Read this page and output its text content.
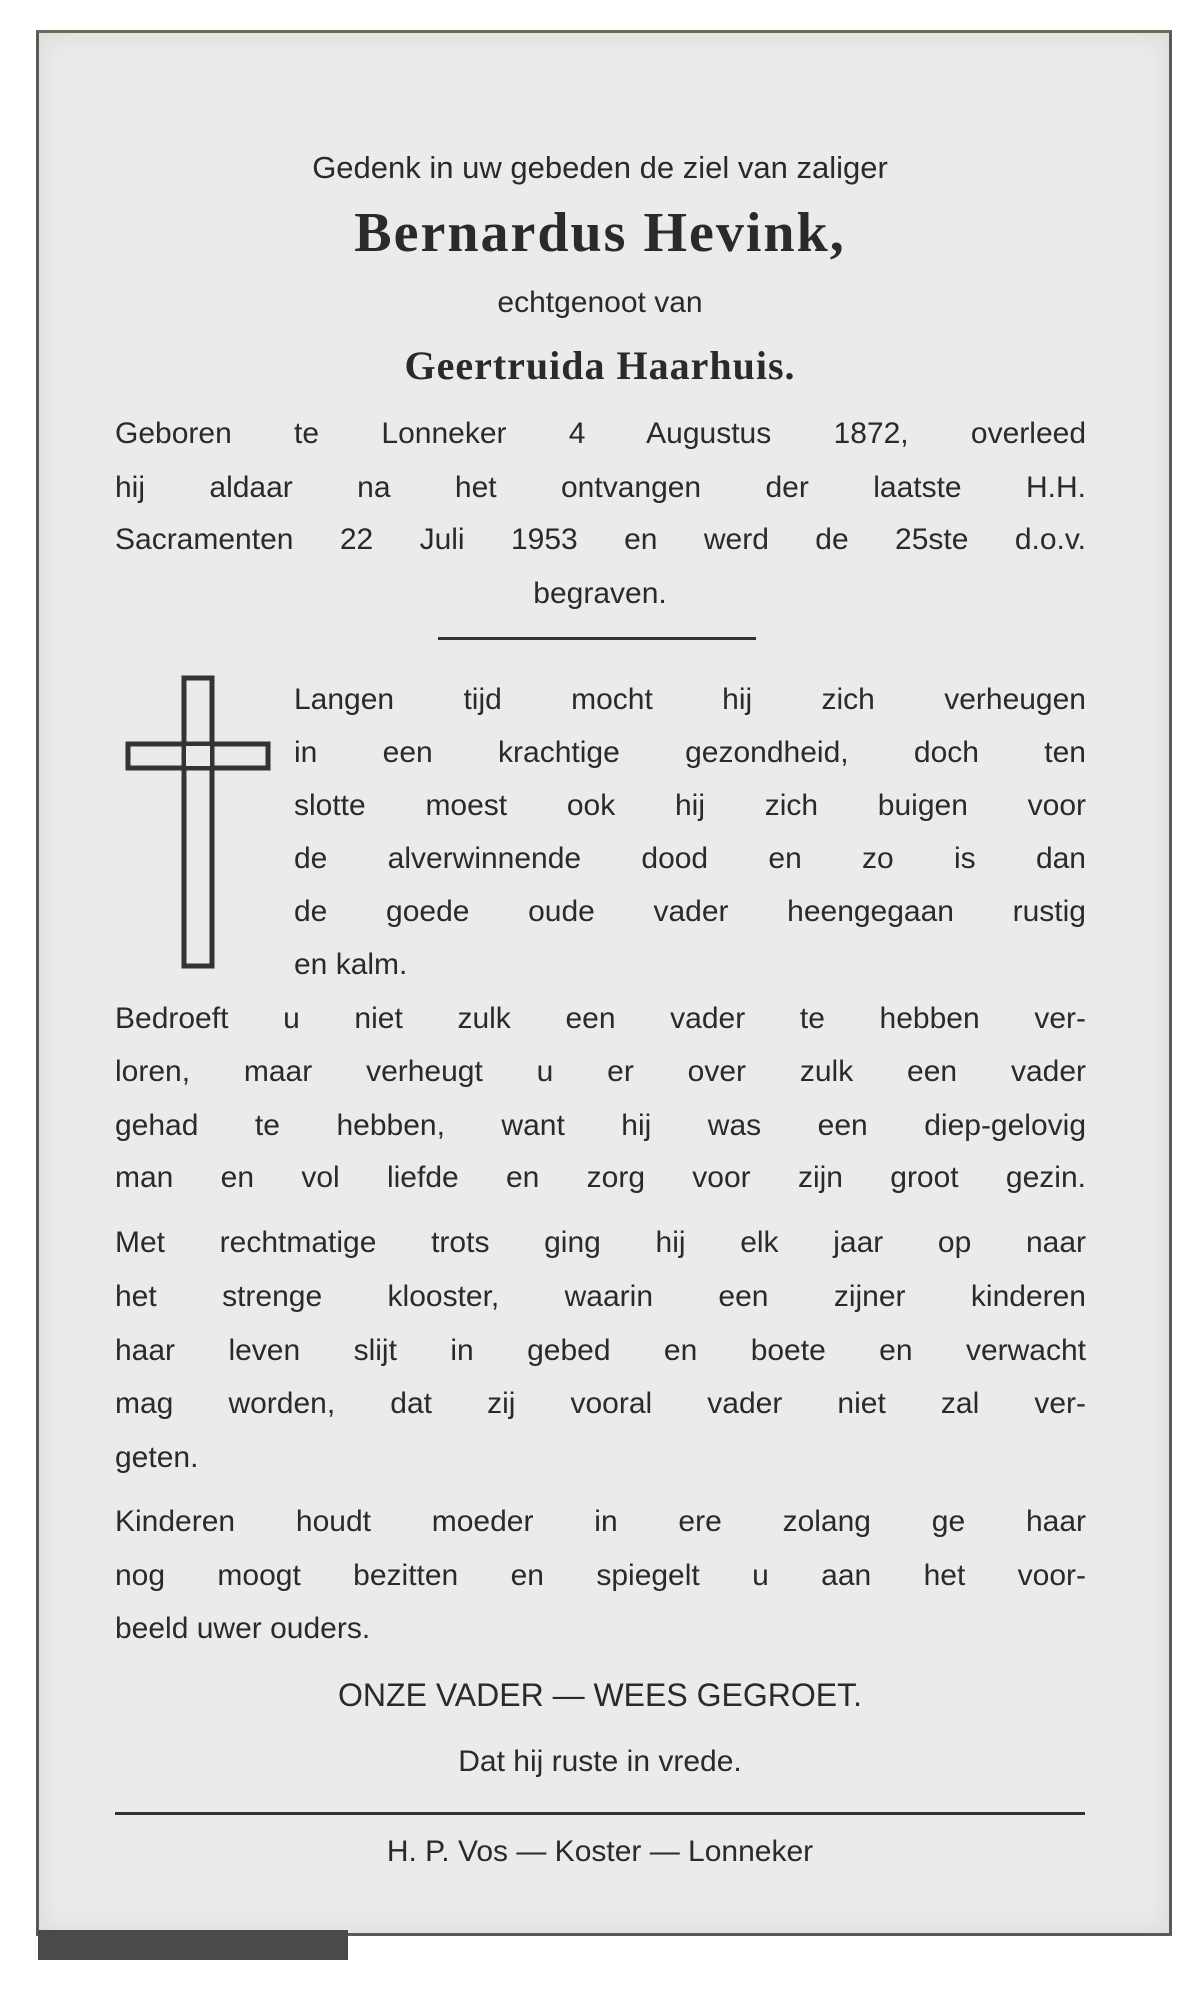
Gedenk in uw gebeden de ziel van zaliger
Bernardus Hevink,
echtgenoot van
Geertruida Haarhuis.
Geboren te Lonneker 4 Augustus 1872, overleed
hij aldaar na het ontvangen der laatste H.H.
Sacramenten 22 Juli 1953 en werd de 25ste d.o.v.
begraven.
Langen tijd mocht hij zich verheugen
in een krachtige gezondheid, doch ten
slotte moest ook hij zich buigen voor
de alverwinnende dood en zo is dan
de goede oude vader heengegaan rustig
en kalm.
Bedroeft u niet zulk een vader te hebben ver-
loren, maar verheugt u er over zulk een vader
gehad te hebben, want hij was een diep-gelovig
man en vol liefde en zorg voor zijn groot gezin.
Met rechtmatige trots ging hij elk jaar op naar
het strenge klooster, waarin een zijner kinderen
haar leven slijt in gebed en boete en verwacht
mag worden, dat zij vooral vader niet zal ver-
geten.
Kinderen houdt moeder in ere zolang ge haar
nog moogt bezitten en spiegelt u aan het voor-
beeld uwer ouders.
ONZE VADER — WEES GEGROET.
Dat hij ruste in vrede.
H. P. Vos — Koster — Lonneker
